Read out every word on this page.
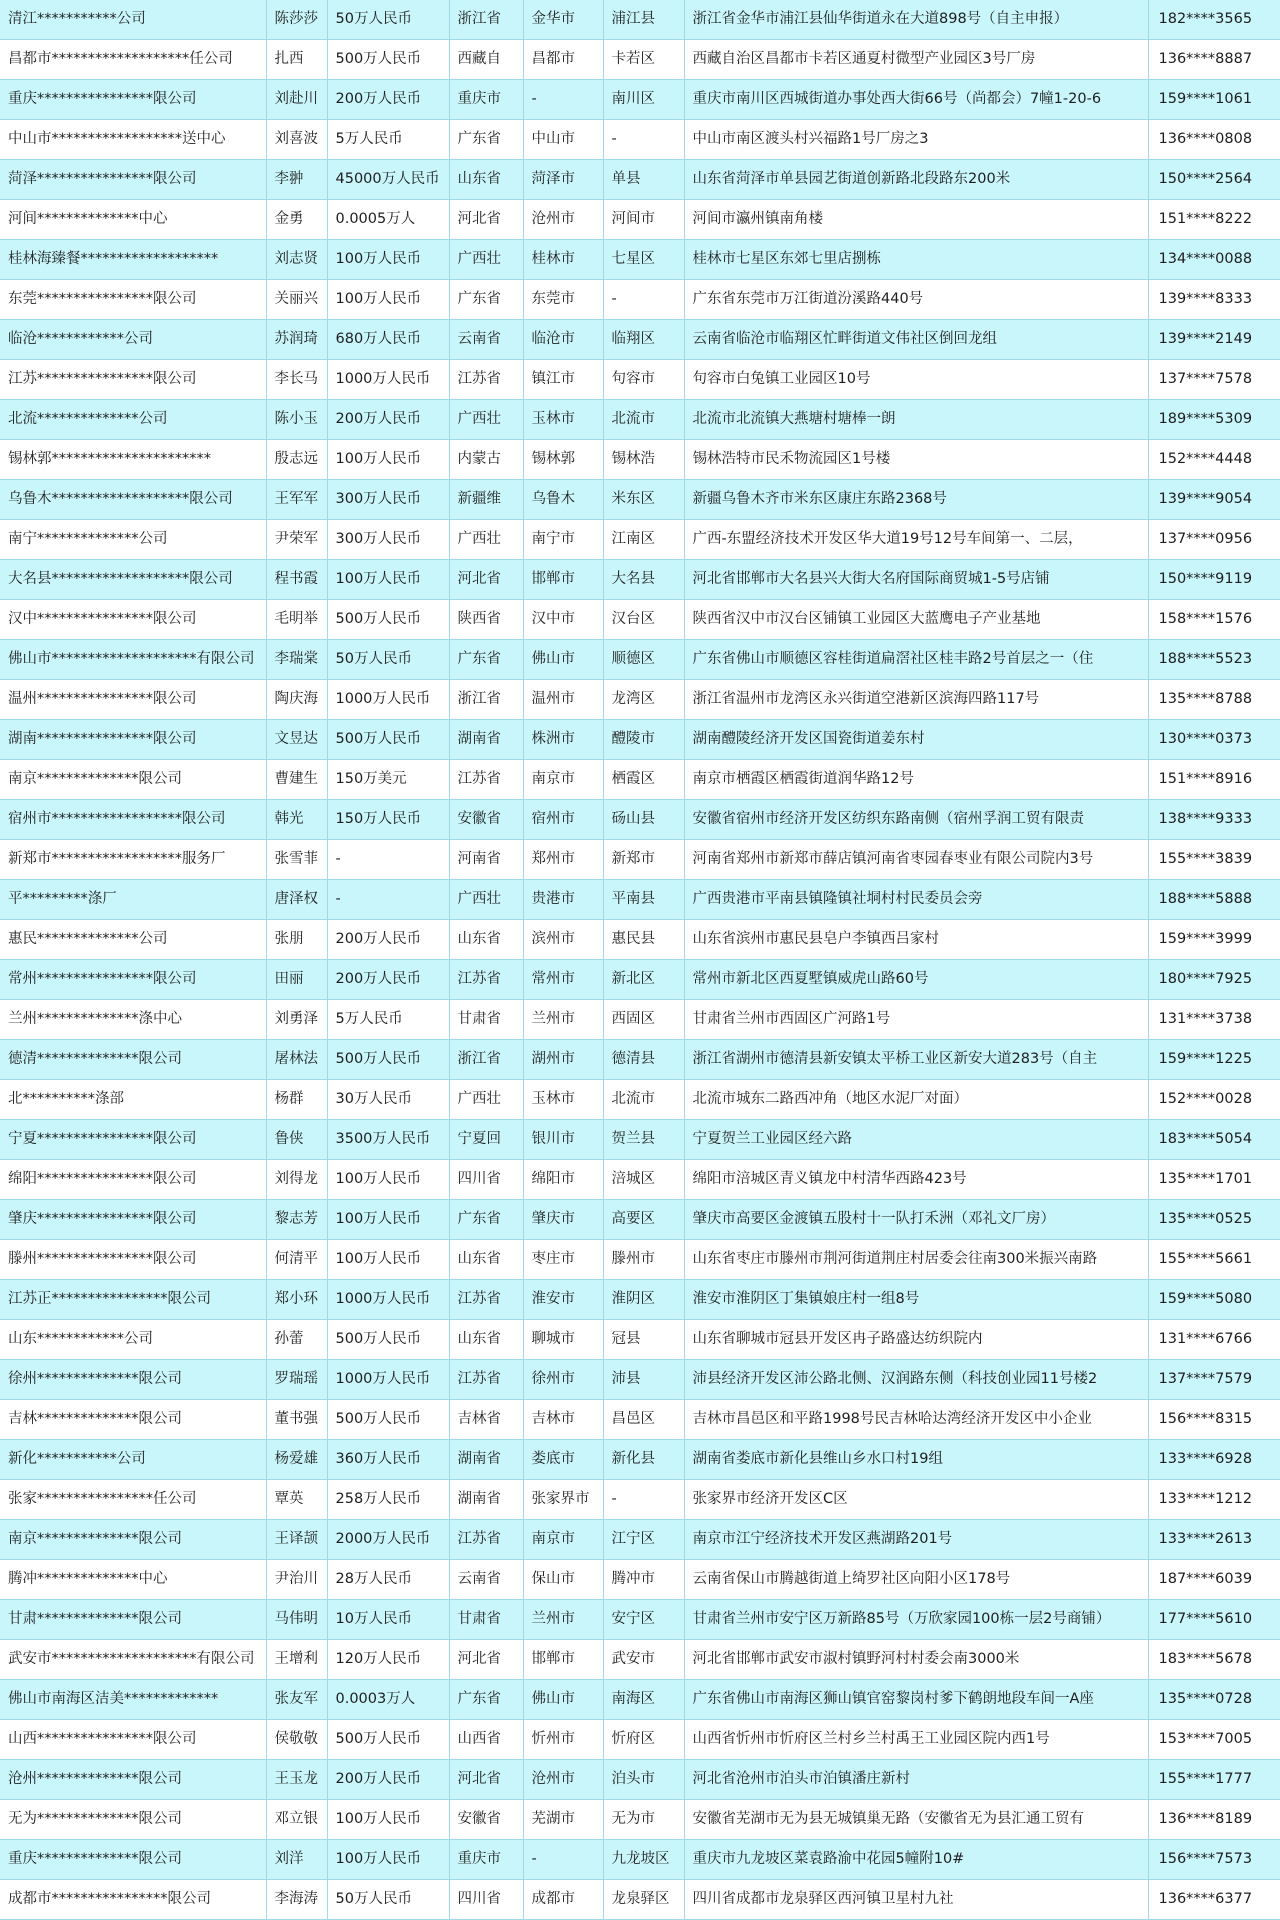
清江***********公司	陈莎莎	50万人民币	浙江省	金华市	浦江县	浙江省金华市浦江县仙华街道永在大道898号（自主申报）	182****3565
昌都市*******************任公司	扎西	500万人民币	西藏自	昌都市	卡若区	西藏自治区昌都市卡若区通夏村微型产业园区3号厂房	136****8887
重庆****************限公司	刘赴川	200万人民币	重庆市	-	南川区	重庆市南川区西城街道办事处西大街66号（尚都会）7幢1-20-6	159****1061
中山市******************送中心	刘喜波	5万人民币	广东省	中山市	-	中山市南区渡头村兴福路1号厂房之3	136****0808
菏泽****************限公司	李翀	45000万人民币	山东省	菏泽市	单县	山东省菏泽市单县园艺街道创新路北段路东200米	150****2564
河间**************中心	金勇	0.0005万人	河北省	沧州市	河间市	河间市瀛州镇南角楼	151****8222
桂林海臻餐*******************	刘志贤	100万人民币	广西壮	桂林市	七星区	桂林市七星区东郊七里店捌栋	134****0088
东莞****************限公司	关丽兴	100万人民币	广东省	东莞市	-	广东省东莞市万江街道汾溪路440号	139****8333
临沧************公司	苏润琦	680万人民币	云南省	临沧市	临翔区	云南省临沧市临翔区忙畔街道文伟社区倒回龙组	139****2149
江苏****************限公司	李长马	1000万人民币	江苏省	镇江市	句容市	句容市白兔镇工业园区10号	137****7578
北流**************公司	陈小玉	200万人民币	广西壮	玉林市	北流市	北流市北流镇大燕塘村塘棒一朗	189****5309
锡林郭**********************	殷志远	100万人民币	内蒙古	锡林郭	锡林浩	锡林浩特市民禾物流园区1号楼	152****4448
乌鲁木*******************限公司	王军军	300万人民币	新疆维	乌鲁木	米东区	新疆乌鲁木齐市米东区康庄东路2368号	139****9054
南宁**************公司	尹荣军	300万人民币	广西壮	南宁市	江南区	广西-东盟经济技术开发区华大道19号12号车间第一、二层，	137****0956
大名县*******************限公司	程书霞	100万人民币	河北省	邯郸市	大名县	河北省邯郸市大名县兴大街大名府国际商贸城1-5号店铺	150****9119
汉中****************限公司	毛明举	500万人民币	陕西省	汉中市	汉台区	陕西省汉中市汉台区铺镇工业园区大蓝鹰电子产业基地	158****1576
佛山市********************有限公司	李瑞棠	50万人民币	广东省	佛山市	顺德区	广东省佛山市顺德区容桂街道扁滘社区桂丰路2号首层之一（住	188****5523
温州****************限公司	陶庆海	1000万人民币	浙江省	温州市	龙湾区	浙江省温州市龙湾区永兴街道空港新区滨海四路117号	135****8788
湖南****************限公司	文昱达	500万人民币	湖南省	株洲市	醴陵市	湖南醴陵经济开发区国瓷街道姜东村	130****0373
南京**************限公司	曹建生	150万美元	江苏省	南京市	栖霞区	南京市栖霞区栖霞街道润华路12号	151****8916
宿州市******************限公司	韩光	150万人民币	安徽省	宿州市	砀山县	安徽省宿州市经济开发区纺织东路南侧（宿州孚润工贸有限责	138****9333
新郑市******************服务厂	张雪菲	-	河南省	郑州市	新郑市	河南省郑州市新郑市薛店镇河南省枣园春枣业有限公司院内3号	155****3839
平*********涤厂	唐泽权	-	广西壮	贵港市	平南县	广西贵港市平南县镇隆镇社垌村村民委员会旁	188****5888
惠民**************公司	张朋	200万人民币	山东省	滨州市	惠民县	山东省滨州市惠民县皂户李镇西吕家村	159****3999
常州****************限公司	田丽	200万人民币	江苏省	常州市	新北区	常州市新北区西夏墅镇威虎山路60号	180****7925
兰州**************涤中心	刘勇泽	5万人民币	甘肃省	兰州市	西固区	甘肃省兰州市西固区广河路1号	131****3738
德清**************限公司	屠林法	500万人民币	浙江省	湖州市	德清县	浙江省湖州市德清县新安镇太平桥工业区新安大道283号（自主	159****1225
北**********涤部	杨群	30万人民币	广西壮	玉林市	北流市	北流市城东二路西冲角（地区水泥厂对面）	152****0028
宁夏****************限公司	鲁侠	3500万人民币	宁夏回	银川市	贺兰县	宁夏贺兰工业园区经六路	183****5054
绵阳****************限公司	刘得龙	100万人民币	四川省	绵阳市	涪城区	绵阳市涪城区青义镇龙中村清华西路423号	135****1701
肇庆****************限公司	黎志芳	100万人民币	广东省	肇庆市	高要区	肇庆市高要区金渡镇五股村十一队打禾洲（邓礼文厂房）	135****0525
滕州****************限公司	何清平	100万人民币	山东省	枣庄市	滕州市	山东省枣庄市滕州市荆河街道荆庄村居委会往南300米振兴南路	155****5661
江苏正****************限公司	郑小环	1000万人民币	江苏省	淮安市	淮阴区	淮安市淮阴区丁集镇娘庄村一组8号	159****5080
山东************公司	孙蕾	500万人民币	山东省	聊城市	冠县	山东省聊城市冠县开发区冉子路盛达纺织院内	131****6766
徐州**************限公司	罗瑞瑶	1000万人民币	江苏省	徐州市	沛县	沛县经济开发区沛公路北侧、汉润路东侧（科技创业园11号楼2	137****7579
吉林**************限公司	董书强	500万人民币	吉林省	吉林市	昌邑区	吉林市昌邑区和平路1998号民吉林哈达湾经济开发区中小企业	156****8315
新化***********公司	杨爱雄	360万人民币	湖南省	娄底市	新化县	湖南省娄底市新化县维山乡水口村19组	133****6928
张家****************任公司	覃英	258万人民币	湖南省	张家界市	-	张家界市经济开发区C区	133****1212
南京**************限公司	王译颉	2000万人民币	江苏省	南京市	江宁区	南京市江宁经济技术开发区燕湖路201号	133****2613
腾冲**************中心	尹治川	28万人民币	云南省	保山市	腾冲市	云南省保山市腾越街道上绮罗社区向阳小区178号	187****6039
甘肃**************限公司	马伟明	10万人民币	甘肃省	兰州市	安宁区	甘肃省兰州市安宁区万新路85号（万欣家园100栋一层2号商铺）	177****5610
武安市********************有限公司	王增利	120万人民币	河北省	邯郸市	武安市	河北省邯郸市武安市淑村镇野河村村委会南3000米	183****5678
佛山市南海区洁美*************	张友军	0.0003万人	广东省	佛山市	南海区	广东省佛山市南海区狮山镇官窑黎岗村爹下鹤朗地段车间一A座	135****0728
山西****************限公司	侯敬敬	500万人民币	山西省	忻州市	忻府区	山西省忻州市忻府区兰村乡兰村禹王工业园区院内西1号	153****7005
沧州**************限公司	王玉龙	200万人民币	河北省	沧州市	泊头市	河北省沧州市泊头市泊镇潘庄新村	155****1777
无为**************限公司	邓立银	100万人民币	安徽省	芜湖市	无为市	安徽省芜湖市无为县无城镇巢无路（安徽省无为县汇通工贸有	136****8189
重庆**************限公司	刘洋	100万人民币	重庆市	-	九龙坡区	重庆市九龙坡区菜袁路渝中花园5幢附10#	156****7573
成都市****************限公司	李海涛	50万人民币	四川省	成都市	龙泉驿区	四川省成都市龙泉驿区西河镇卫星村九社	136****6377
